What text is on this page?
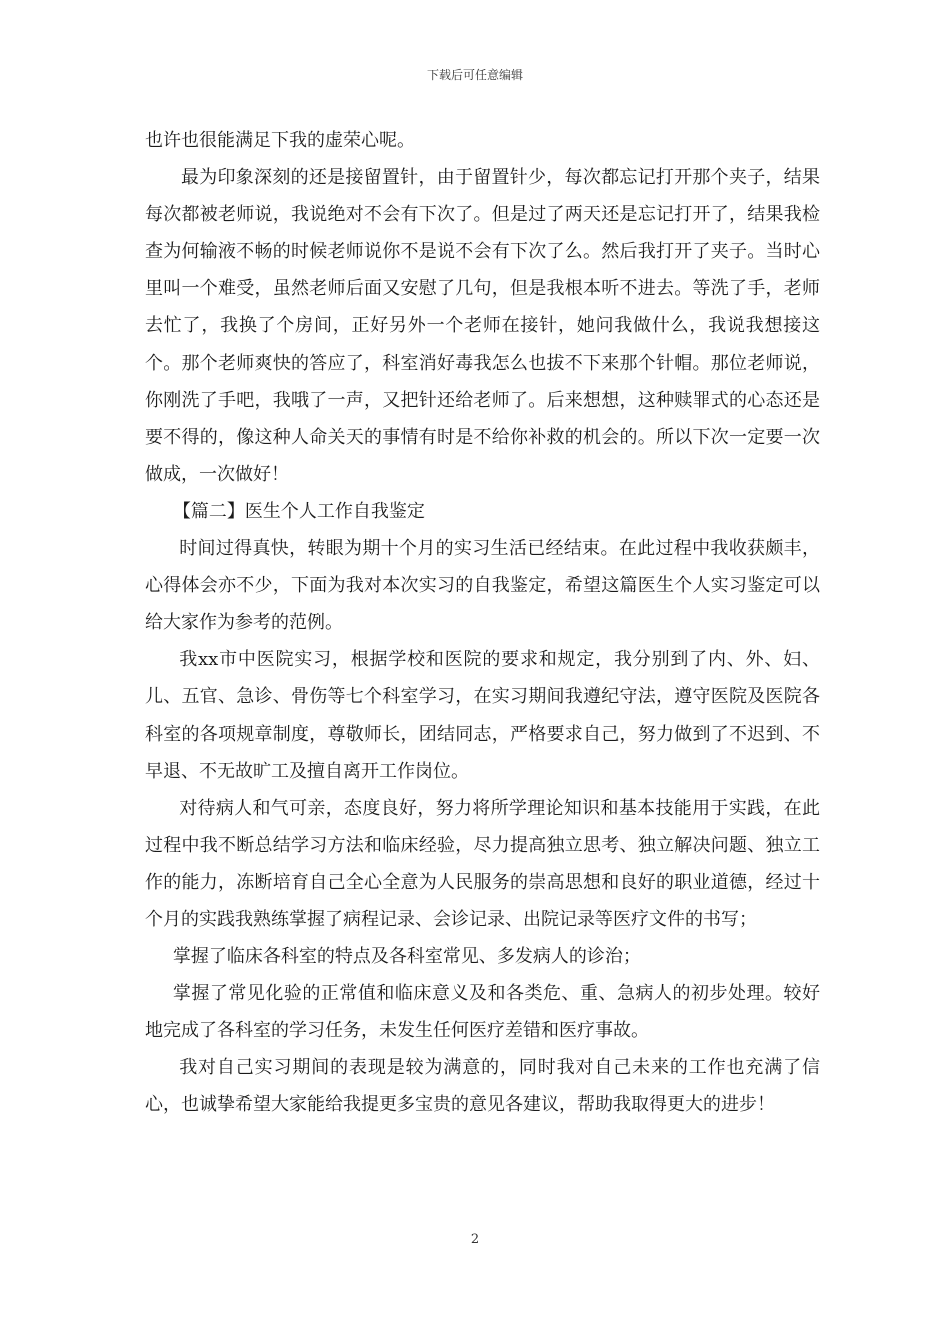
下载后可任意编辑

也许也很能满足下我的虚荣心呢。

最为印象深刻的还是接留置针，由于留置针少，每次都忘记打开那个夹子，结果每次都被老师说，我说绝对不会有下次了。但是过了两天还是忘记打开了，结果我检查为何输液不畅的时候老师说你不是说不会有下次了么。然后我打开了夹子。当时心里叫一个难受，虽然老师后面又安慰了几句，但是我根本听不进去。等洗了手，老师去忙了，我换了个房间，正好另外一个老师在接针，她问我做什么，我说我想接这个。那个老师爽快的答应了，科室消好毒我怎么也拔不下来那个针帽。那位老师说，你刚洗了手吧，我哦了一声，又把针还给老师了。后来想想，这种赎罪式的心态还是要不得的，像这种人命关天的事情有时是不给你补救的机会的。所以下次一定要一次做成，一次做好！

【篇二】医生个人工作自我鉴定

时间过得真快，转眼为期十个月的实习生活已经结束。在此过程中我收获颇丰，心得体会亦不少，下面为我对本次实习的自我鉴定，希望这篇医生个人实习鉴定可以给大家作为参考的范例。

我xx市中医院实习，根据学校和医院的要求和规定，我分别到了内、外、妇、儿、五官、急诊、骨伤等七个科室学习，在实习期间我遵纪守法，遵守医院及医院各科室的各项规章制度，尊敬师长，团结同志，严格要求自己，努力做到了不迟到、不早退、不无故旷工及擅自离开工作岗位。

对待病人和气可亲，态度良好，努力将所学理论知识和基本技能用于实践，在此过程中我不断总结学习方法和临床经验，尽力提高独立思考、独立解决问题、独立工作的能力，冻断培育自己全心全意为人民服务的崇高思想和良好的职业道德，经过十个月的实践我熟练掌握了病程记录、会诊记录、出院记录等医疗文件的书写；

掌握了临床各科室的特点及各科室常见、多发病人的诊治；

掌握了常见化验的正常值和临床意义及和各类危、重、急病人的初步处理。较好地完成了各科室的学习任务，未发生任何医疗差错和医疗事故。

我对自己实习期间的表现是较为满意的，同时我对自己未来的工作也充满了信心，也诚挚希望大家能给我提更多宝贵的意见各建议，帮助我取得更大的进步！

2
